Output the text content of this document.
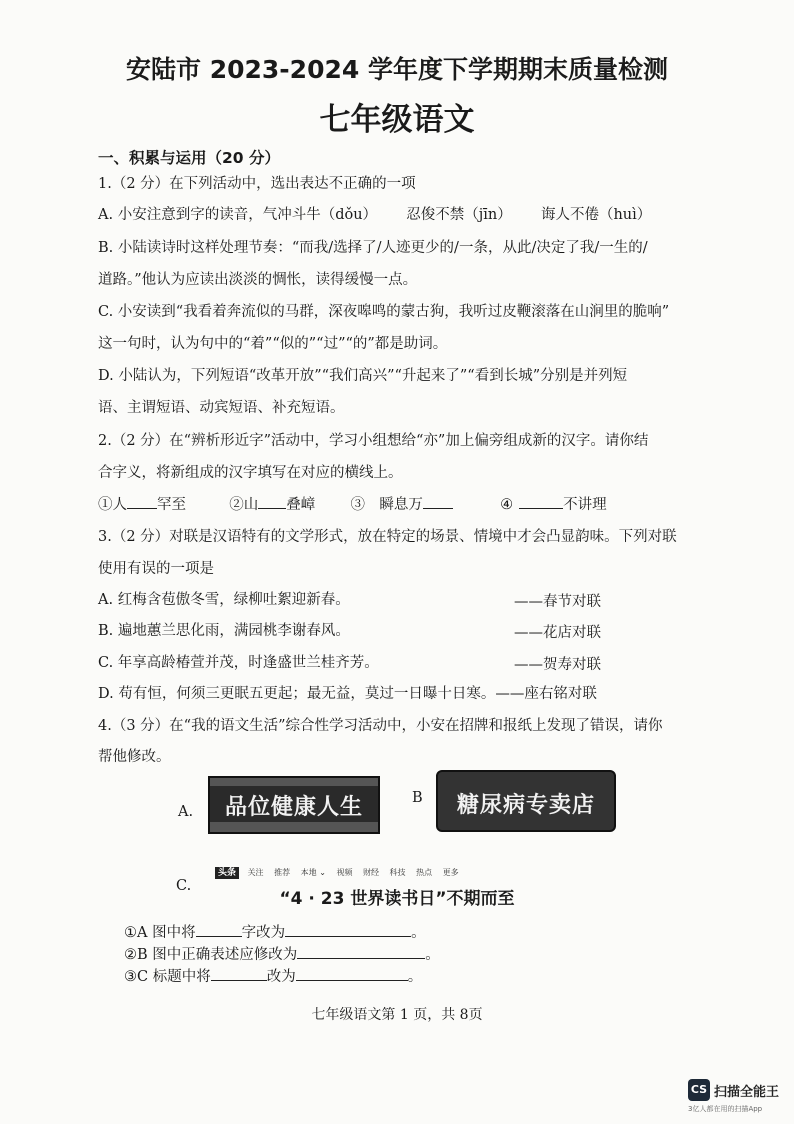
安陆市 2023-2024 学年度下学期期末质量检测
七年级语文
一、积累与运用（20 分）
1.（2 分）在下列活动中，选出表达不正确的一项
A. 小安注意到字的读音，气冲斗牛（dǒu） 忍俊不禁（jīn） 诲人不倦（huì）
B. 小陆读诗时这样处理节奏：“而我/选择了/人迹更少的/一条，从此/决定了我/一生的/
道路。”他认为应读出淡淡的惆怅，读得缓慢一点。
C. 小安读到“我看着奔流似的马群，深夜嗥鸣的蒙古狗，我听过皮鞭滚落在山涧里的脆响”
这一句时，认为句中的“着”“似的”“过”“的”都是助词。
D. 小陆认为，下列短语“改革开放”“我们高兴”“升起来了”“看到长城”分别是并列短
语、主谓短语、动宾短语、补充短语。
2.（2 分）在“辨析形近字”活动中，学习小组想给“亦”加上偏旁组成新的汉字。请你结
合字义，将新组成的汉字填写在对应的横线上。
①人 罕至	②山 叠嶂 ③　瞬息万	④	不讲理
3.（2 分）对联是汉语特有的文学形式，放在特定的场景、情境中才会凸显韵味。下列对联
使用有误的一项是
A. 红梅含苞傲冬雪，绿柳吐絮迎新春。	——春节对联
B. 遍地蕙兰思化雨，满园桃李谢春风。	——花店对联
C. 年享高龄椿萱并茂，时逢盛世兰桂齐芳。	——贺寿对联
D. 苟有恒，何须三更眠五更起；最无益，莫过一日曝十日寒。——座右铭对联
4.（3 分）在“我的语文生活”综合性学习活动中，小安在招牌和报纸上发现了错误，请你
帮他修改。
A.	品位健康人生	B	糖尿病专卖店
C.
头条 关注 推荐 本地 ⌄ 视频 财经 科技 热点 更多
“4 · 23 世界读书日”不期而至
①A 图中将	字改为	。
②B 图中正确表述应修改为	。
③C 标题中将	改为	。
七年级语文第 1 页，共 8页
CS 扫描全能王
3亿人都在用的扫描App
